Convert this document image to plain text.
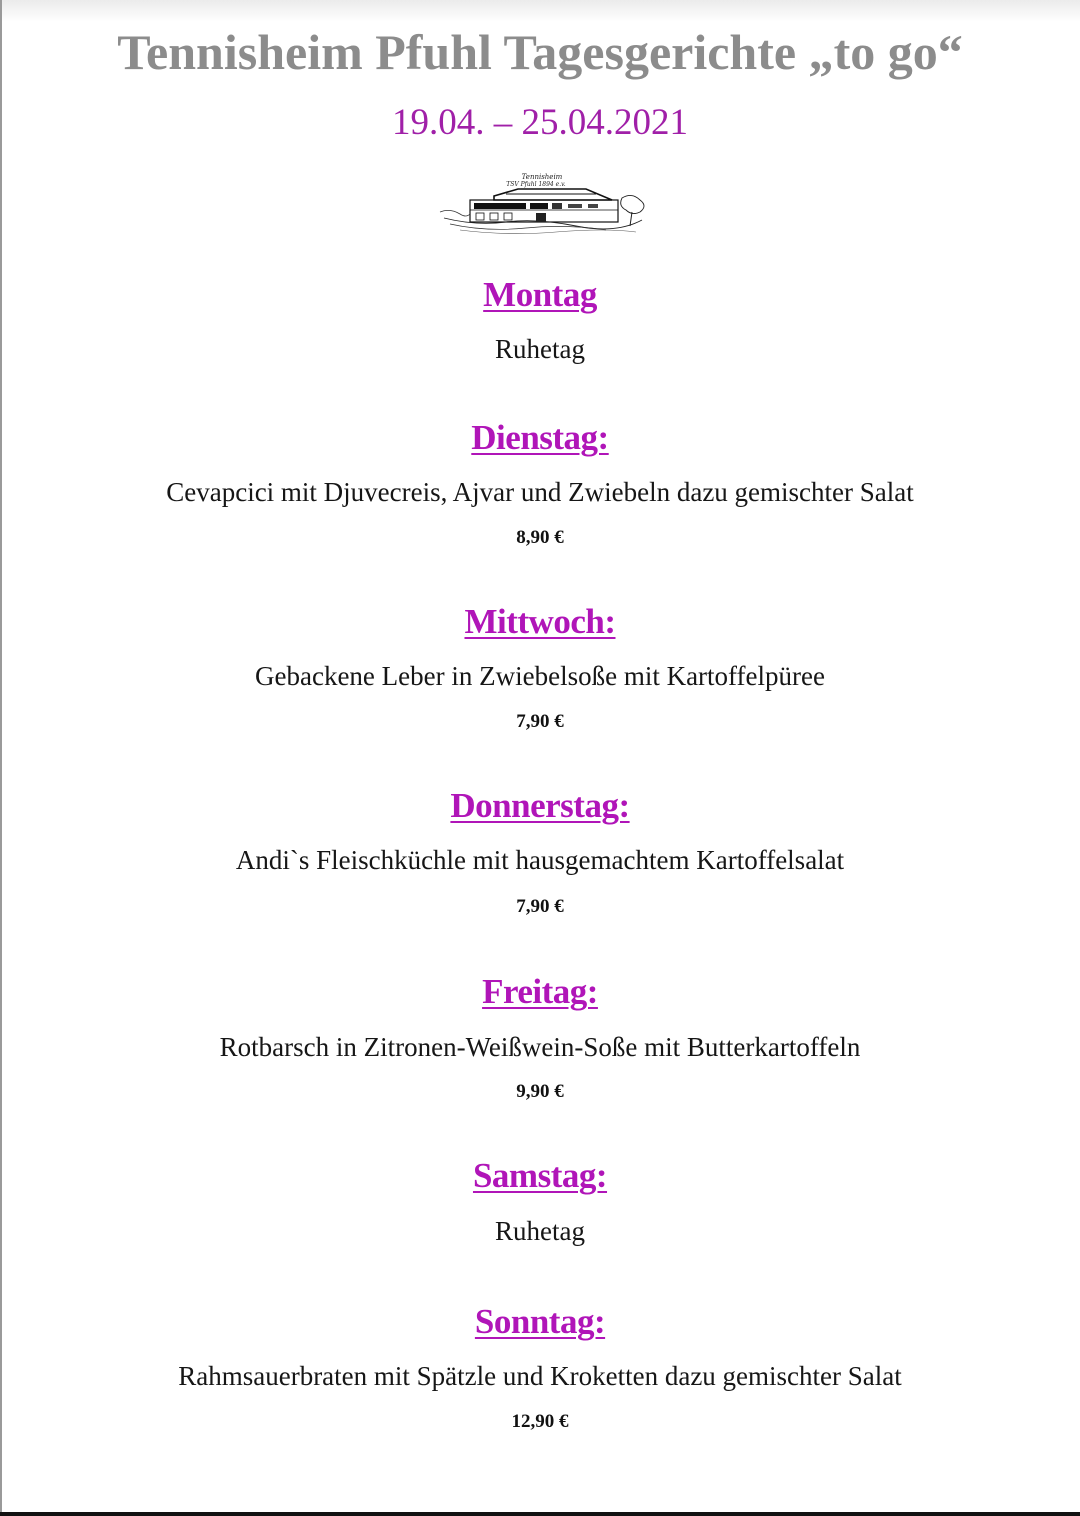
Tennisheim Pfuhl Tagesgerichte „to go“
19.04. – 25.04.2021
Tennisheim
TSV Pfuhl 1894 e.v.
Montag
Ruhetag
Dienstag:
Cevapcici mit Djuvecreis, Ajvar und Zwiebeln dazu gemischter Salat
8,90 €
Mittwoch:
Gebackene Leber in Zwiebelsoße mit Kartoffelpüree
7,90 €
Donnerstag:
Andi`s Fleischküchle mit hausgemachtem Kartoffelsalat
7,90 €
Freitag:
Rotbarsch in Zitronen-Weißwein-Soße mit Butterkartoffeln
9,90 €
Samstag:
Ruhetag
Sonntag:
Rahmsauerbraten mit Spätzle und Kroketten dazu gemischter Salat
12,90 €
